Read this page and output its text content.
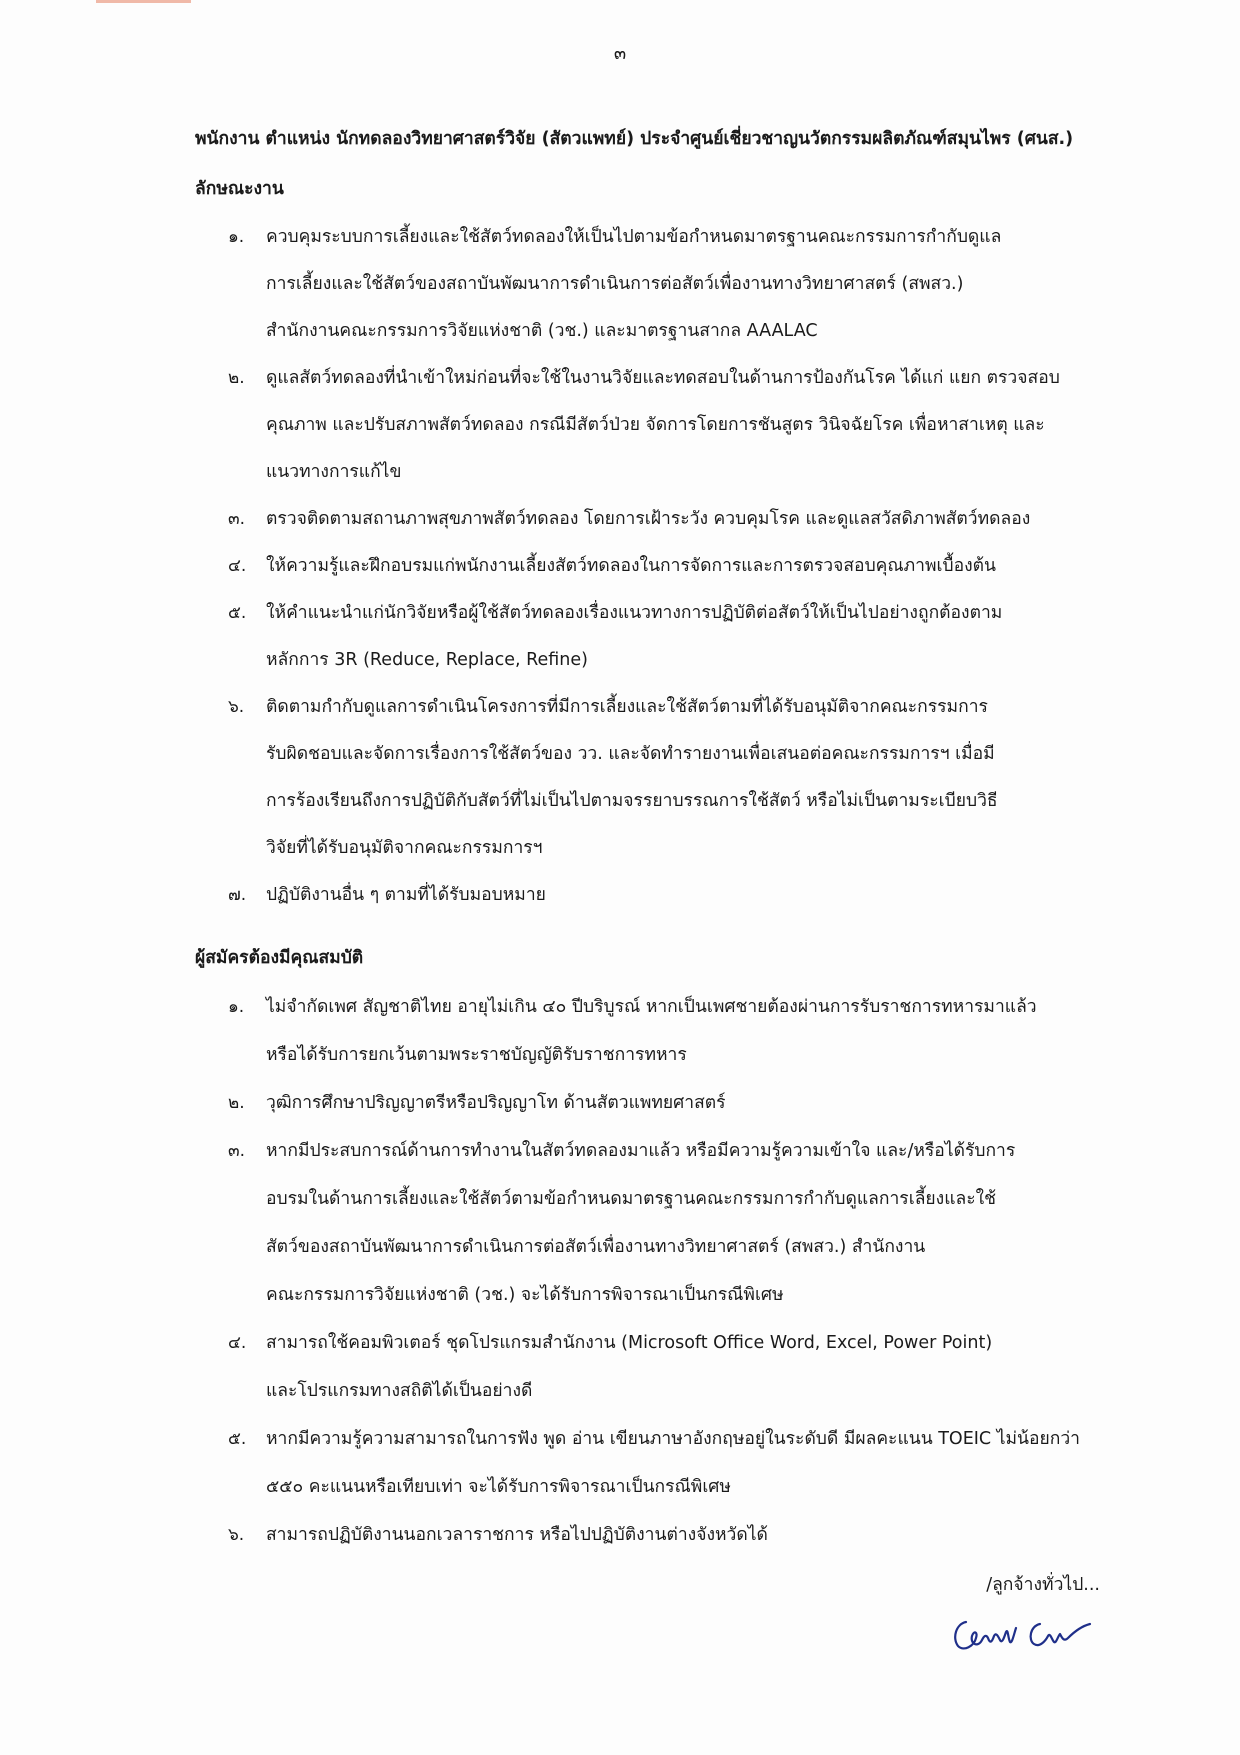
๓
พนักงาน ตำแหน่ง นักทดลองวิทยาศาสตร์วิจัย (สัตวแพทย์) ประจำศูนย์เชี่ยวชาญนวัตกรรมผลิตภัณฑ์สมุนไพร (ศนส.)
ลักษณะงาน
๑.	ควบคุมระบบการเลี้ยงและใช้สัตว์ทดลองให้เป็นไปตามข้อกำหนดมาตรฐานคณะกรรมการกำกับดูแล
การเลี้ยงและใช้สัตว์ของสถาบันพัฒนาการดำเนินการต่อสัตว์เพื่องานทางวิทยาศาสตร์ (สพสว.)
สำนักงานคณะกรรมการวิจัยแห่งชาติ (วช.) และมาตรฐานสากล AAALAC
๒.	ดูแลสัตว์ทดลองที่นำเข้าใหม่ก่อนที่จะใช้ในงานวิจัยและทดสอบในด้านการป้องกันโรค ได้แก่ แยก ตรวจสอบ
คุณภาพ และปรับสภาพสัตว์ทดลอง กรณีมีสัตว์ป่วย จัดการโดยการชันสูตร วินิจฉัยโรค เพื่อหาสาเหตุ และ
แนวทางการแก้ไข
๓.	ตรวจติดตามสถานภาพสุขภาพสัตว์ทดลอง โดยการเฝ้าระวัง ควบคุมโรค และดูแลสวัสดิภาพสัตว์ทดลอง
๔.	ให้ความรู้และฝึกอบรมแก่พนักงานเลี้ยงสัตว์ทดลองในการจัดการและการตรวจสอบคุณภาพเบื้องต้น
๕.	ให้คำแนะนำแก่นักวิจัยหรือผู้ใช้สัตว์ทดลองเรื่องแนวทางการปฏิบัติต่อสัตว์ให้เป็นไปอย่างถูกต้องตาม
หลักการ 3R (Reduce, Replace, Refine)
๖.	ติดตามกำกับดูแลการดำเนินโครงการที่มีการเลี้ยงและใช้สัตว์ตามที่ได้รับอนุมัติจากคณะกรรมการ
รับผิดชอบและจัดการเรื่องการใช้สัตว์ของ วว. และจัดทำรายงานเพื่อเสนอต่อคณะกรรมการฯ เมื่อมี
การร้องเรียนถึงการปฏิบัติกับสัตว์ที่ไม่เป็นไปตามจรรยาบรรณการใช้สัตว์ หรือไม่เป็นตามระเบียบวิธี
วิจัยที่ได้รับอนุมัติจากคณะกรรมการฯ
๗.	ปฏิบัติงานอื่น ๆ ตามที่ได้รับมอบหมาย
ผู้สมัครต้องมีคุณสมบัติ
๑.	ไม่จำกัดเพศ สัญชาติไทย อายุไม่เกิน ๔๐ ปีบริบูรณ์ หากเป็นเพศชายต้องผ่านการรับราชการทหารมาแล้ว
หรือได้รับการยกเว้นตามพระราชบัญญัติรับราชการทหาร
๒.	วุฒิการศึกษาปริญญาตรีหรือปริญญาโท ด้านสัตวแพทยศาสตร์
๓.	หากมีประสบการณ์ด้านการทำงานในสัตว์ทดลองมาแล้ว หรือมีความรู้ความเข้าใจ และ/หรือได้รับการ
อบรมในด้านการเลี้ยงและใช้สัตว์ตามข้อกำหนดมาตรฐานคณะกรรมการกำกับดูแลการเลี้ยงและใช้
สัตว์ของสถาบันพัฒนาการดำเนินการต่อสัตว์เพื่องานทางวิทยาศาสตร์ (สพสว.) สำนักงาน
คณะกรรมการวิจัยแห่งชาติ (วช.) จะได้รับการพิจารณาเป็นกรณีพิเศษ
๔.	สามารถใช้คอมพิวเตอร์ ชุดโปรแกรมสำนักงาน (Microsoft Office Word, Excel, Power Point)
และโปรแกรมทางสถิติได้เป็นอย่างดี
๕.	หากมีความรู้ความสามารถในการฟัง พูด อ่าน เขียนภาษาอังกฤษอยู่ในระดับดี มีผลคะแนน TOEIC ไม่น้อยกว่า
๕๕๐ คะแนนหรือเทียบเท่า จะได้รับการพิจารณาเป็นกรณีพิเศษ
๖.	สามารถปฏิบัติงานนอกเวลาราชการ หรือไปปฏิบัติงานต่างจังหวัดได้
/ลูกจ้างทั่วไป...
